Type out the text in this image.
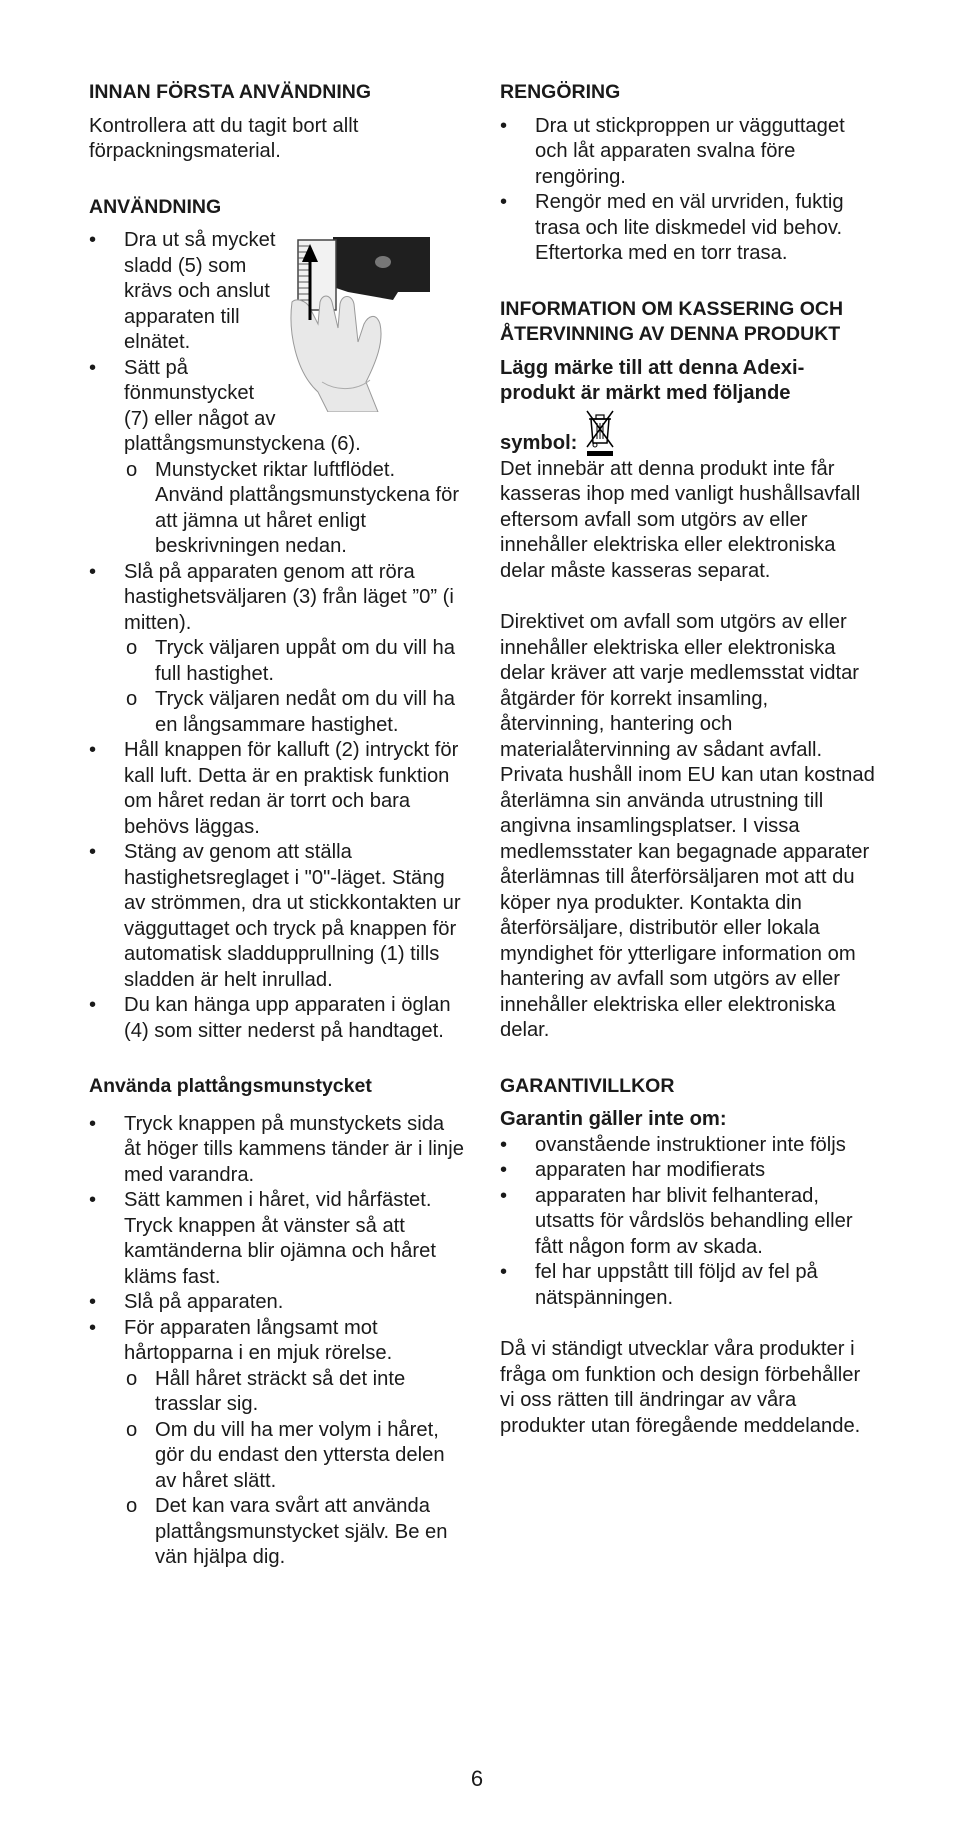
INNAN FÖRSTA ANVÄNDNING

Kontrollera att du tagit bort allt förpackningsmaterial.

ANVÄNDNING
• Dra ut så mycket sladd (5) som krävs och anslut apparaten till elnätet.
• Sätt på fönmunstycket (7) eller något av plattångsmunstyckena (6).
o Munstycket riktar luftflödet. Använd plattångsmunstyckena för att jämna ut håret enligt beskrivningen nedan.
• Slå på apparaten genom att röra hastighetsväljaren (3) från läget ”0” (i mitten).
o Tryck väljaren uppåt om du vill ha full hastighet.
o Tryck väljaren nedåt om du vill ha en långsammare hastighet.
• Håll knappen för kalluft (2) intryckt för kall luft. Detta är en praktisk funktion om håret redan är torrt och bara behövs läggas.
• Stäng av genom att ställa hastighetsreglaget i "0"-läget. Stäng av strömmen, dra ut stickkontakten ur vägguttaget och tryck på knappen för automatisk sladdupprullning (1) tills sladden är helt inrullad.
• Du kan hänga upp apparaten i öglan (4) som sitter nederst på handtaget.
Använda plattångsmunstycket
• Tryck knappen på munstyckets sida åt höger tills kammens tänder är i linje med varandra.
• Sätt kammen i håret, vid hårfästet. Tryck knappen åt vänster så att kamtänderna blir ojämna och håret kläms fast.
• Slå på apparaten.
• För apparaten långsamt mot hårtopparna i en mjuk rörelse.
o Håll håret sträckt så det inte trasslar sig.
o Om du vill ha mer volym i håret, gör du endast den yttersta delen av håret slätt.
o Det kan vara svårt att använda plattångsmunstycket själv. Be en vän hjälpa dig.
RENGÖRING
• Dra ut stickproppen ur vägguttaget och låt apparaten svalna före rengöring.
• Rengör med en väl urvriden, fuktig trasa och lite diskmedel vid behov. Eftertorka med en torr trasa.
INFORMATION OM KASSERING OCH ÅTERVINNING AV DENNA PRODUKT

Lägg märke till att denna Adexi-produkt är märkt med följande

symbol:

Det innebär att denna produkt inte får kasseras ihop med vanligt hushållsavfall eftersom avfall som utgörs av eller innehåller elektriska eller elektroniska delar måste kasseras separat.

Direktivet om avfall som utgörs av eller innehåller elektriska eller elektroniska delar kräver att varje medlemsstat vidtar åtgärder för korrekt insamling, återvinning, hantering och materialåtervinning av sådant avfall. Privata hushåll inom EU kan utan kostnad återlämna sin använda utrustning till angivna insamlingsplatser. I vissa medlemsstater kan begagnade apparater återlämnas till återförsäljaren mot att du köper nya produkter. Kontakta din återförsäljare, distributör eller lokala myndighet för ytterligare information om hantering av avfall som utgörs av eller innehåller elektriska eller elektroniska delar.

GARANTIVILLKOR

Garantin gäller inte om:

• ovanstående instruktioner inte följs
• apparaten har modifierats
• apparaten har blivit felhanterad, utsatts för vårdslös behandling eller fått någon form av skada.
• fel har uppstått till följd av fel på nätspänningen.

Då vi ständigt utvecklar våra produkter i fråga om funktion och design förbehåller vi oss rätten till ändringar av våra produkter utan föregående meddelande.

6
